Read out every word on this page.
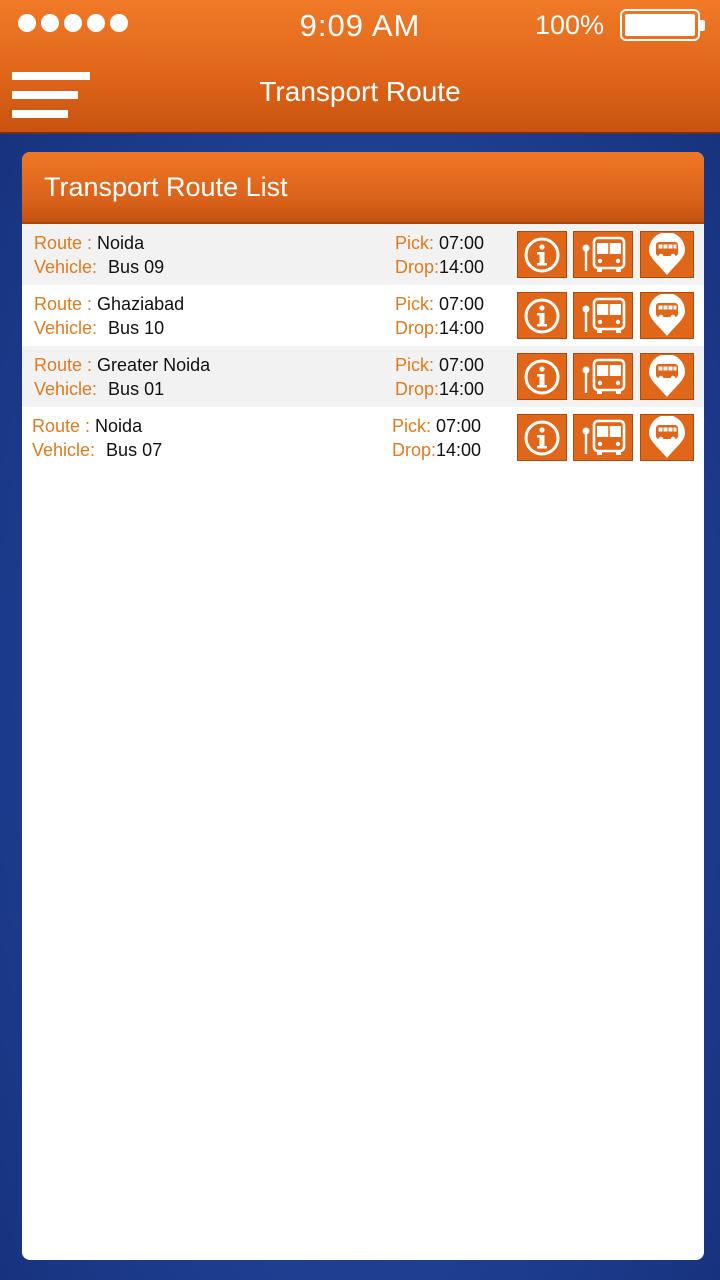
9:09 AM	100%
Transport Route
Transport Route List
Route : Noida
Vehicle: Bus 09
Pick: 07:00
Drop:14:00
Route : Ghaziabad
Vehicle: Bus 10
Pick: 07:00
Drop:14:00
Route : Greater Noida
Vehicle: Bus 01
Pick: 07:00
Drop:14:00
Route : Noida
Vehicle: Bus 07
Pick: 07:00
Drop:14:00
